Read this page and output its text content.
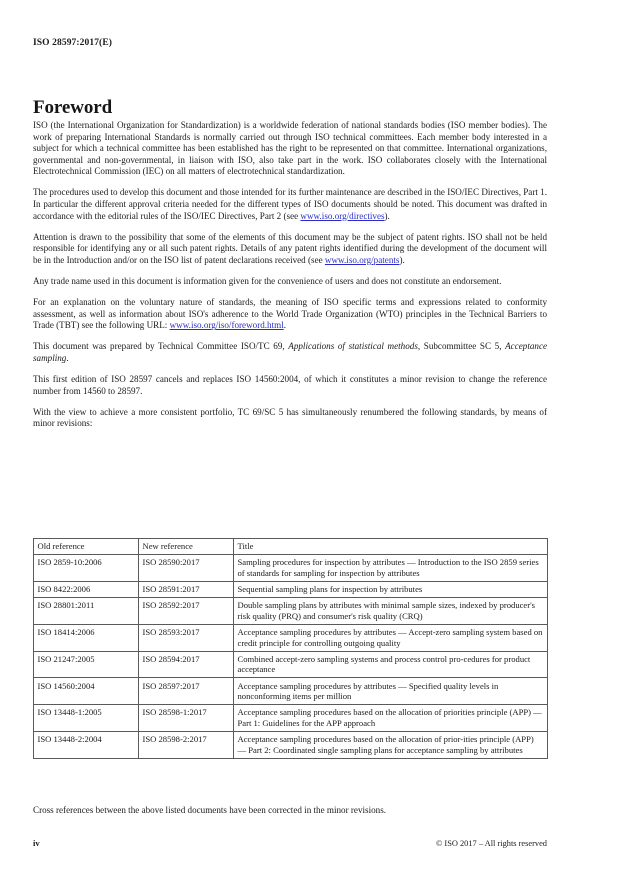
ISO 28597:2017(E)
Foreword

ISO (the International Organization for Standardization) is a worldwide federation of national standards bodies (ISO member bodies). The work of preparing International Standards is normally carried out through ISO technical committees. Each member body interested in a subject for which a technical committee has been established has the right to be represented on that committee. International organizations, governmental and non-governmental, in liaison with ISO, also take part in the work. ISO collaborates closely with the International Electrotechnical Commission (IEC) on all matters of electrotechnical standardization.

The procedures used to develop this document and those intended for its further maintenance are described in the ISO/IEC Directives, Part 1. In particular the different approval criteria needed for the different types of ISO documents should be noted. This document was drafted in accordance with the editorial rules of the ISO/IEC Directives, Part 2 (see www.iso.org/directives).

Attention is drawn to the possibility that some of the elements of this document may be the subject of patent rights. ISO shall not be held responsible for identifying any or all such patent rights. Details of any patent rights identified during the development of the document will be in the Introduction and/or on the ISO list of patent declarations received (see www.iso.org/patents).

Any trade name used in this document is information given for the convenience of users and does not constitute an endorsement.

For an explanation on the voluntary nature of standards, the meaning of ISO specific terms and expressions related to conformity assessment, as well as information about ISO's adherence to the World Trade Organization (WTO) principles in the Technical Barriers to Trade (TBT) see the following URL: www.iso.org/iso/foreword.html.

This document was prepared by Technical Committee ISO/TC 69, Applications of statistical methods, Subcommittee SC 5, Acceptance sampling.

This first edition of ISO 28597 cancels and replaces ISO 14560:2004, of which it constitutes a minor revision to change the reference number from 14560 to 28597.

With the view to achieve a more consistent portfolio, TC 69/SC 5 has simultaneously renumbered the following standards, by means of minor revisions:

Old reference	New reference	Title
ISO 2859-10:2006	ISO 28590:2017	Sampling procedures for inspection by attributes — Introduction to the ISO 2859 series of standards for sampling for inspection by attributes
ISO 8422:2006	ISO 28591:2017	Sequential sampling plans for inspection by attributes
ISO 28801:2011	ISO 28592:2017	Double sampling plans by attributes with minimal sample sizes, indexed by producer's risk quality (PRQ) and consumer's risk quality (CRQ)
ISO 18414:2006	ISO 28593:2017	Acceptance sampling procedures by attributes — Accept-zero sampling system based on credit principle for controlling outgoing quality
ISO 21247:2005	ISO 28594:2017	Combined accept-zero sampling systems and process control pro-cedures for product acceptance
ISO 14560:2004	ISO 28597:2017	Acceptance sampling procedures by attributes — Specified quality levels in nonconforming items per million
ISO 13448-1:2005	ISO 28598-1:2017	Acceptance sampling procedures based on the allocation of priorities principle (APP) — Part 1: Guidelines for the APP approach
ISO 13448-2:2004	ISO 28598-2:2017	Acceptance sampling procedures based on the allocation of prior-ities principle (APP) — Part 2: Coordinated single sampling plans for acceptance sampling by attributes
Cross references between the above listed documents have been corrected in the minor revisions.
iv	© ISO 2017 – All rights reserved
